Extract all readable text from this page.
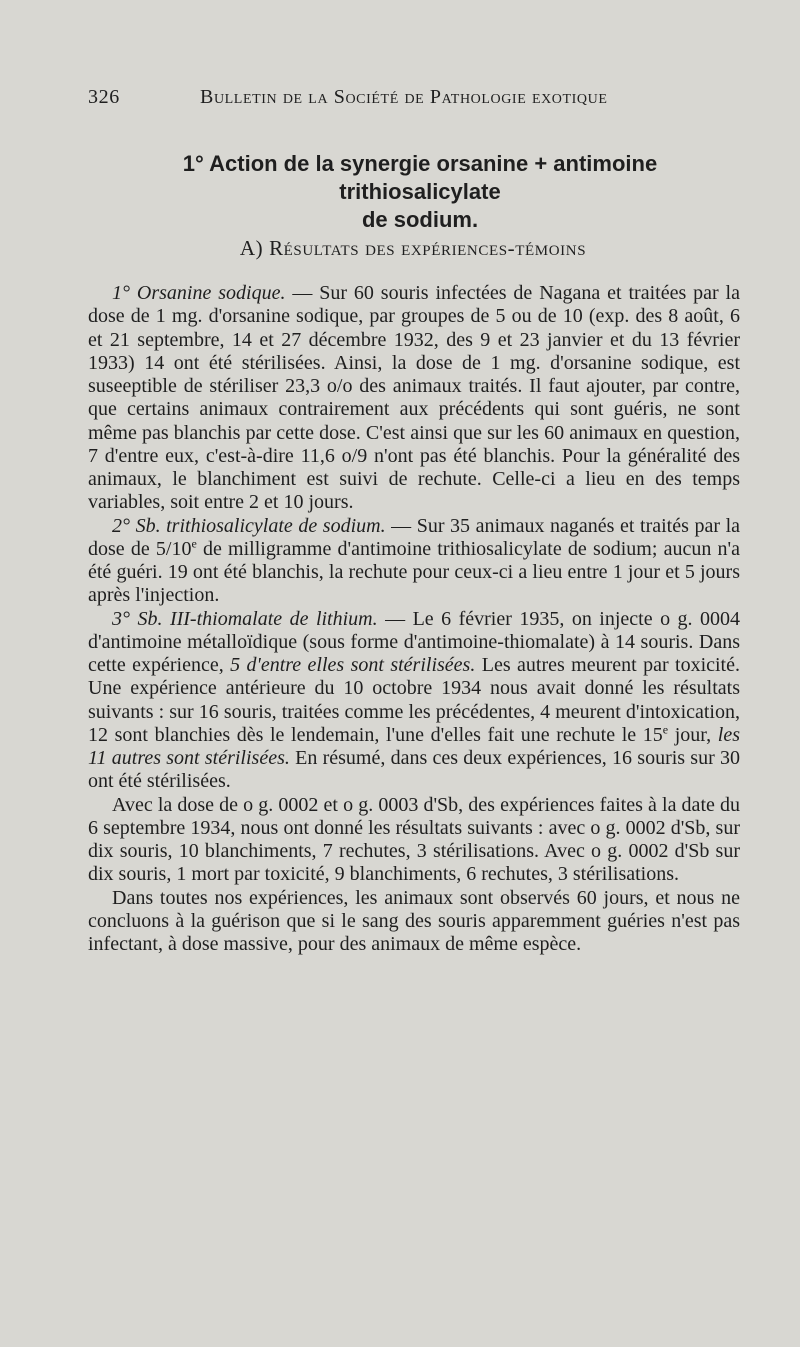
326	Bulletin de la Société de Pathologie exotique
1° Action de la synergie orsanine + antimoine trithiosalicylate
de sodium.
A) Résultats des expériences-témoins

1° Orsanine sodique. — Sur 60 souris infectées de Nagana et traitées par la dose de 1 mg. d'orsanine sodique, par groupes de 5 ou de 10 (exp. des 8 août, 6 et 21 septembre, 14 et 27 décembre 1932, des 9 et 23 janvier et du 13 février 1933) 14 ont été stérilisées. Ainsi, la dose de 1 mg. d'orsanine sodique, est suseeptible de stériliser 23,3 o/o des animaux traités. Il faut ajouter, par contre, que certains animaux contrairement aux précédents qui sont guéris, ne sont même pas blanchis par cette dose. C'est ainsi que sur les 60 animaux en question, 7 d'entre eux, c'est-à-dire 11,6 o/9 n'ont pas été blanchis. Pour la généralité des animaux, le blanchiment est suivi de rechute. Celle-ci a lieu en des temps variables, soit entre 2 et 10 jours.

2° Sb. trithiosalicylate de sodium. — Sur 35 animaux naganés et traités par la dose de 5/10e de milligramme d'antimoine trithiosalicylate de sodium; aucun n'a été guéri. 19 ont été blanchis, la rechute pour ceux-ci a lieu entre 1 jour et 5 jours après l'injection.

3° Sb. III-thiomalate de lithium. — Le 6 février 1935, on injecte o g. 0004 d'antimoine métalloïdique (sous forme d'antimoine-thiomalate) à 14 souris. Dans cette expérience, 5 d'entre elles sont stérilisées. Les autres meurent par toxicité. Une expérience antérieure du 10 octobre 1934 nous avait donné les résultats suivants : sur 16 souris, traitées comme les précédentes, 4 meurent d'intoxication, 12 sont blanchies dès le lendemain, l'une d'elles fait une rechute le 15e jour, les 11 autres sont stérilisées. En résumé, dans ces deux expériences, 16 souris sur 30 ont été stérilisées.

Avec la dose de o g. 0002 et o g. 0003 d'Sb, des expériences faites à la date du 6 septembre 1934, nous ont donné les résultats suivants : avec o g. 0002 d'Sb, sur dix souris, 10 blanchiments, 7 rechutes, 3 stérilisations. Avec o g. 0002 d'Sb sur dix souris, 1 mort par toxicité, 9 blanchiments, 6 rechutes, 3 stérilisations.

Dans toutes nos expériences, les animaux sont observés 60 jours, et nous ne concluons à la guérison que si le sang des souris apparemment guéries n'est pas infectant, à dose massive, pour des animaux de même espèce.
